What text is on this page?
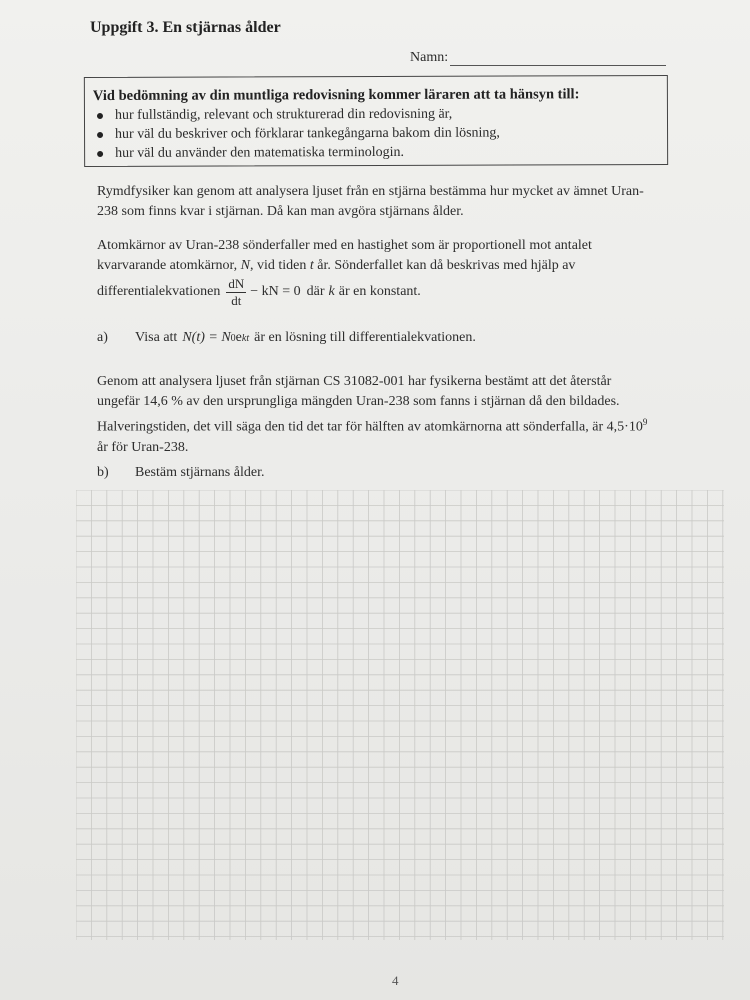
Uppgift 3. En stjärnas ålder
Namn:
Vid bedömning av din muntliga redovisning kommer läraren att ta hänsyn till:
hur fullständig, relevant och strukturerad din redovisning är,
hur väl du beskriver och förklarar tankegångarna bakom din lösning,
hur väl du använder den matematiska terminologin.
Rymdfysiker kan genom att analysera ljuset från en stjärna bestämma hur mycket av ämnet Uran-238 som finns kvar i stjärnan. Då kan man avgöra stjärnans ålder.
Atomkärnor av Uran-238 sönderfaller med en hastighet som är proportionell mot antalet kvarvarande atomkärnor, N, vid tiden t år. Sönderfallet kan då beskrivas med hjälp av
differentialekvationen $\frac{dN}{dt}$ − kN = 0 där k är en konstant.
a)	Visa att N(t) = N 0 e kt är en lösning till differentialekvationen.
Genom att analysera ljuset från stjärnan CS 31082-001 har fysikerna bestämt att det återstår ungefär 14,6 % av den ursprungliga mängden Uran-238 som fanns i stjärnan då den bildades. Halveringstiden, det vill säga den tid det tar för hälften av atomkärnorna att sönderfalla, är $4,5\cdot 10^9$ år för Uran-238.
b)	Bestäm stjärnans ålder.
4
